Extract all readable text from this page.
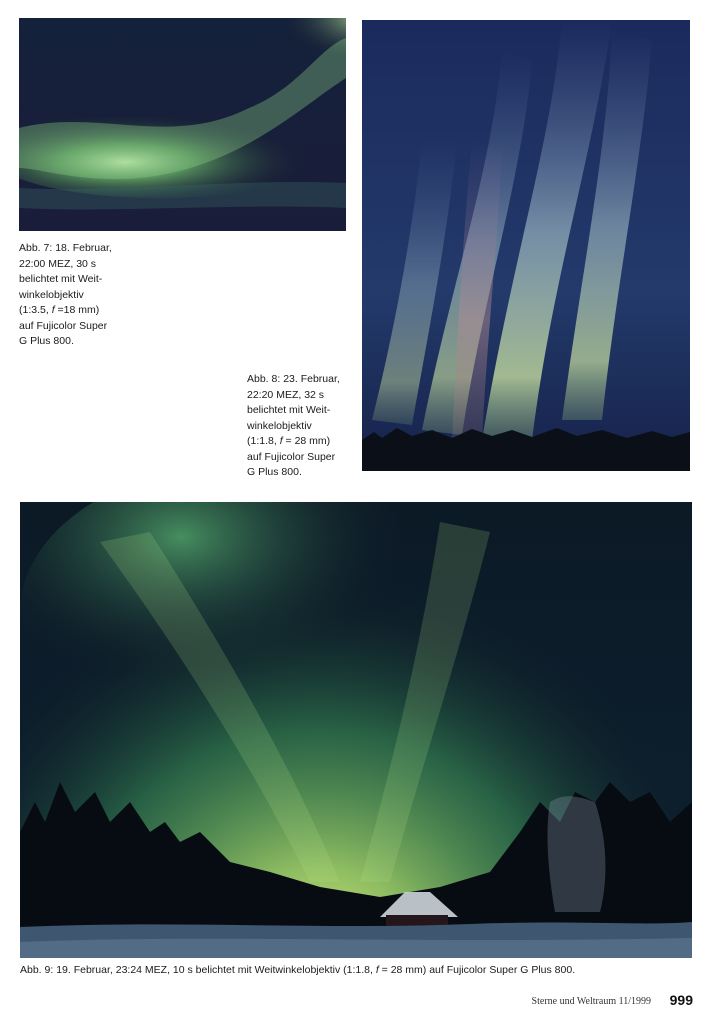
Abb. 7: 18. Februar,
22:00 MEZ, 30 s
belichtet mit Weit-
winkelobjektiv
(1:3.5, f =18 mm)
auf Fujicolor Super
G Plus 800.
Abb. 8: 23. Februar,
22:20 MEZ, 32 s
belichtet mit Weit-
winkelobjektiv
(1:1.8, f = 28 mm)
auf Fujicolor Super
G Plus 800.
Abb. 9: 19. Februar, 23:24 MEZ, 10 s belichtet mit Weitwinkelobjektiv (1:1.8, f = 28 mm) auf Fujicolor Super G Plus 800.
Sterne und Weltraum 11/1999 999
